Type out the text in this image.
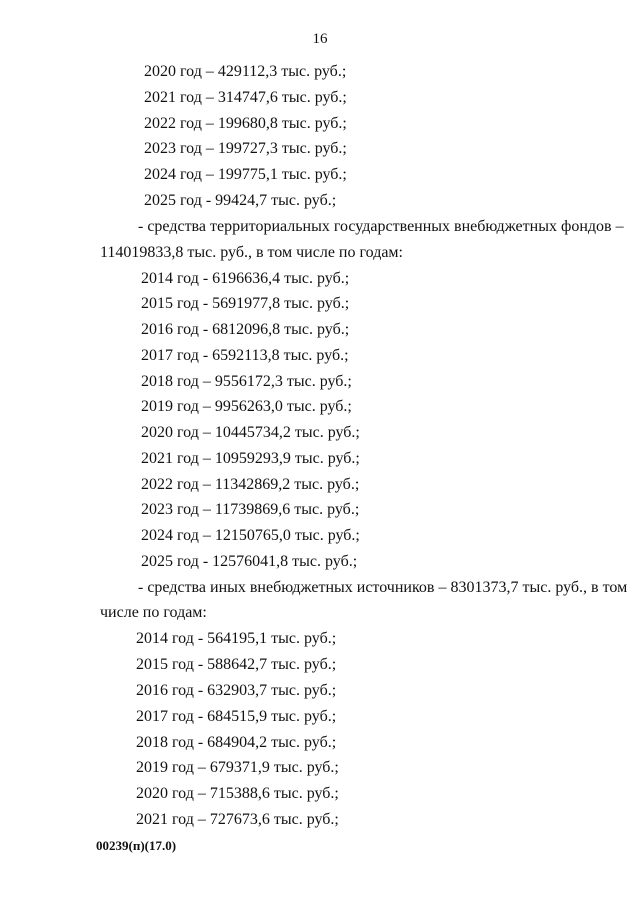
16
2020 год – 429112,3 тыс. руб.;
2021 год – 314747,6 тыс. руб.;
2022 год – 199680,8 тыс. руб.;
2023 год – 199727,3 тыс. руб.;
2024 год – 199775,1 тыс. руб.;
2025 год - 99424,7 тыс. руб.;
- средства территориальных государственных внебюджетных фондов –
114019833,8 тыс. руб., в том числе по годам:
2014 год - 6196636,4 тыс. руб.;
2015 год - 5691977,8 тыс. руб.;
2016 год - 6812096,8 тыс. руб.;
2017 год - 6592113,8 тыс. руб.;
2018 год – 9556172,3 тыс. руб.;
2019 год – 9956263,0 тыс. руб.;
2020 год – 10445734,2 тыс. руб.;
2021 год – 10959293,9 тыс. руб.;
2022 год – 11342869,2 тыс. руб.;
2023 год – 11739869,6 тыс. руб.;
2024 год – 12150765,0 тыс. руб.;
2025 год - 12576041,8 тыс. руб.;
- средства иных внебюджетных источников – 8301373,7 тыс. руб., в том
числе по годам:
2014 год - 564195,1 тыс. руб.;
2015 год - 588642,7 тыс. руб.;
2016 год - 632903,7 тыс. руб.;
2017 год - 684515,9 тыс. руб.;
2018 год - 684904,2 тыс. руб.;
2019 год – 679371,9 тыс. руб.;
2020 год – 715388,6 тыс. руб.;
2021 год – 727673,6 тыс. руб.;
00239(п)(17.0)
